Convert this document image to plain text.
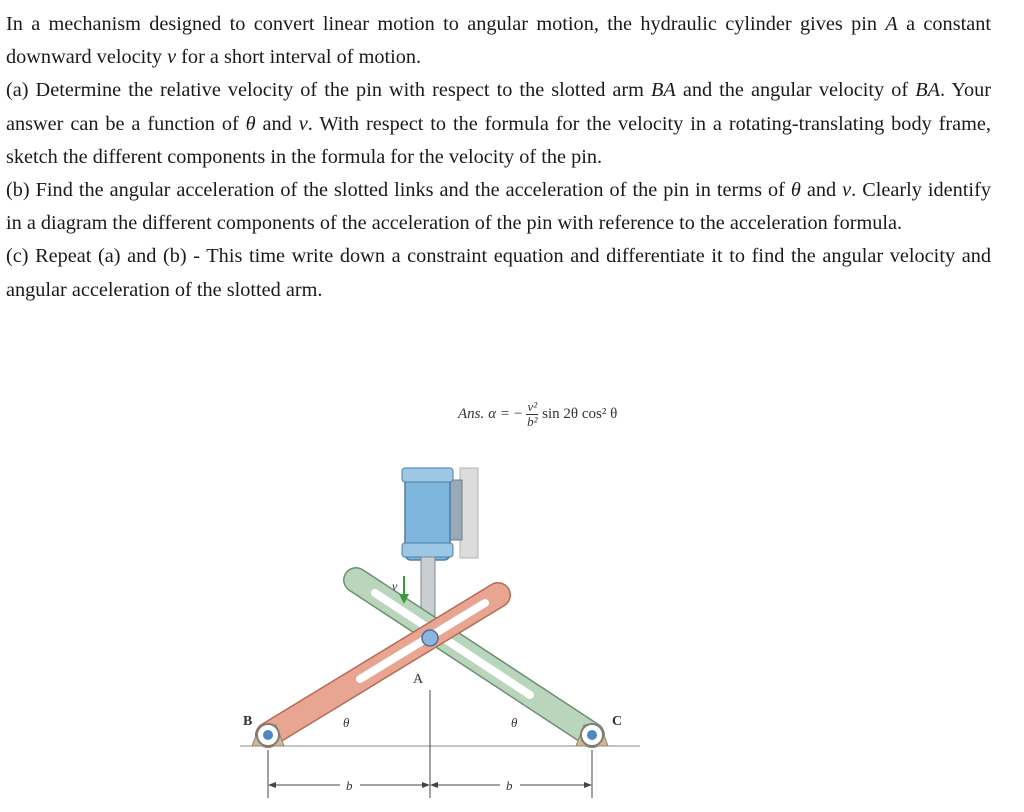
In a mechanism designed to convert linear motion to angular motion, the hydraulic cylinder gives pin A a constant downward velocity v for a short interval of motion.

(a) Determine the relative velocity of the pin with respect to the slotted arm BA and the angular velocity of BA. Your answer can be a function of θ and v. With respect to the formula for the velocity in a rotating-translating body frame, sketch the different components in the formula for the velocity of the pin.

(b) Find the angular acceleration of the slotted links and the acceleration of the pin in terms of θ and v. Clearly identify in a diagram the different components of the acceleration of the pin with reference to the acceleration formula.

(c) Repeat (a) and (b) - This time write down a constraint equation and differentiate it to find the angular velocity and angular acceleration of the slotted arm.

Ans. α = − $\frac{\text{v²}}{\text{b²}}$ sin 2θ cos² θ
v
B	C
A
θ	θ
b	b
